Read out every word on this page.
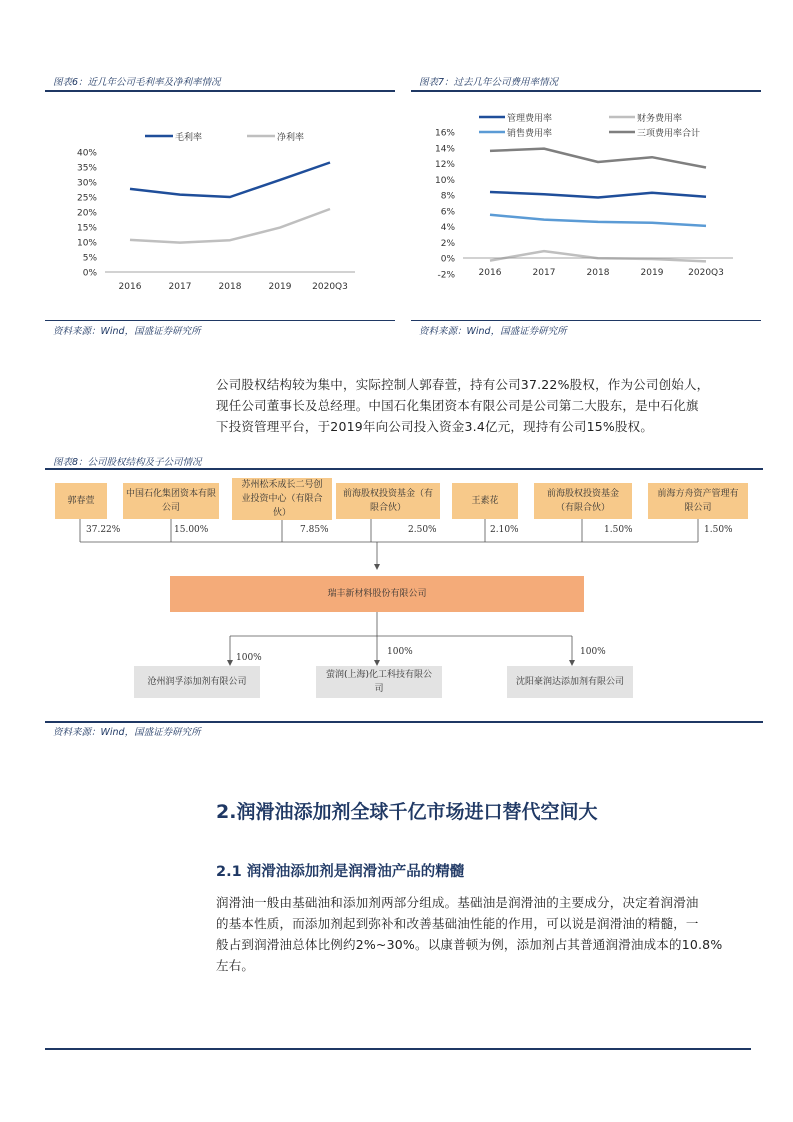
图表6：近几年公司毛利率及净利率情况
毛利率	净利率
40%
35%
30%
25%
20%
15%
10%
5%
0%
2016	2017	2018	2019 2020Q3
资料来源：Wind，国盛证券研究所
图表7：过去几年公司费用率情况
管理费用率	财务费用率
销售费用率	三项费用率合计
16%
14%
12%
10%
8%
6%
4%
2%
0%
-2%	2016	2017	2018	2019	2020Q3
资料来源：Wind，国盛证券研究所

公司股权结构较为集中，实际控制人郭春萱，持有公司37.22%股权，作为公司创始人，

现任公司董事长及总经理。中国石化集团资本有限公司是公司第二大股东，是中石化旗

下投资管理平台，于2019年向公司投入资金3.4亿元，现持有公司15%股权。

图表8：公司股权结构及子公司情况
郭春萱
中国石化集团资本有限公司
苏州松禾成长二号创业投资中心（有限合伙）
前海股权投资基金（有限合伙）
王素花
前海股权投资基金（有限合伙）
前海方舟资产管理有限公司
37.22%	15.00%	7.85%	2.50%	2.10%	1.50%	1.50%
瑞丰新材料股份有限公司
100%
100%	100%
沧州润孚添加剂有限公司
萤润(上海)化工科技有限公司
沈阳豪润达添加剂有限公司
资料来源：Wind，国盛证券研究所
2.润滑油添加剂全球千亿市场进口替代空间大
2.1 润滑油添加剂是润滑油产品的精髓

润滑油一般由基础油和添加剂两部分组成。基础油是润滑油的主要成分，决定着润滑油

的基本性质，而添加剂起到弥补和改善基础油性能的作用，可以说是润滑油的精髓，一

般占到润滑油总体比例约2%~30%。以康普顿为例，添加剂占其普通润滑油成本的10.8%

左右。
